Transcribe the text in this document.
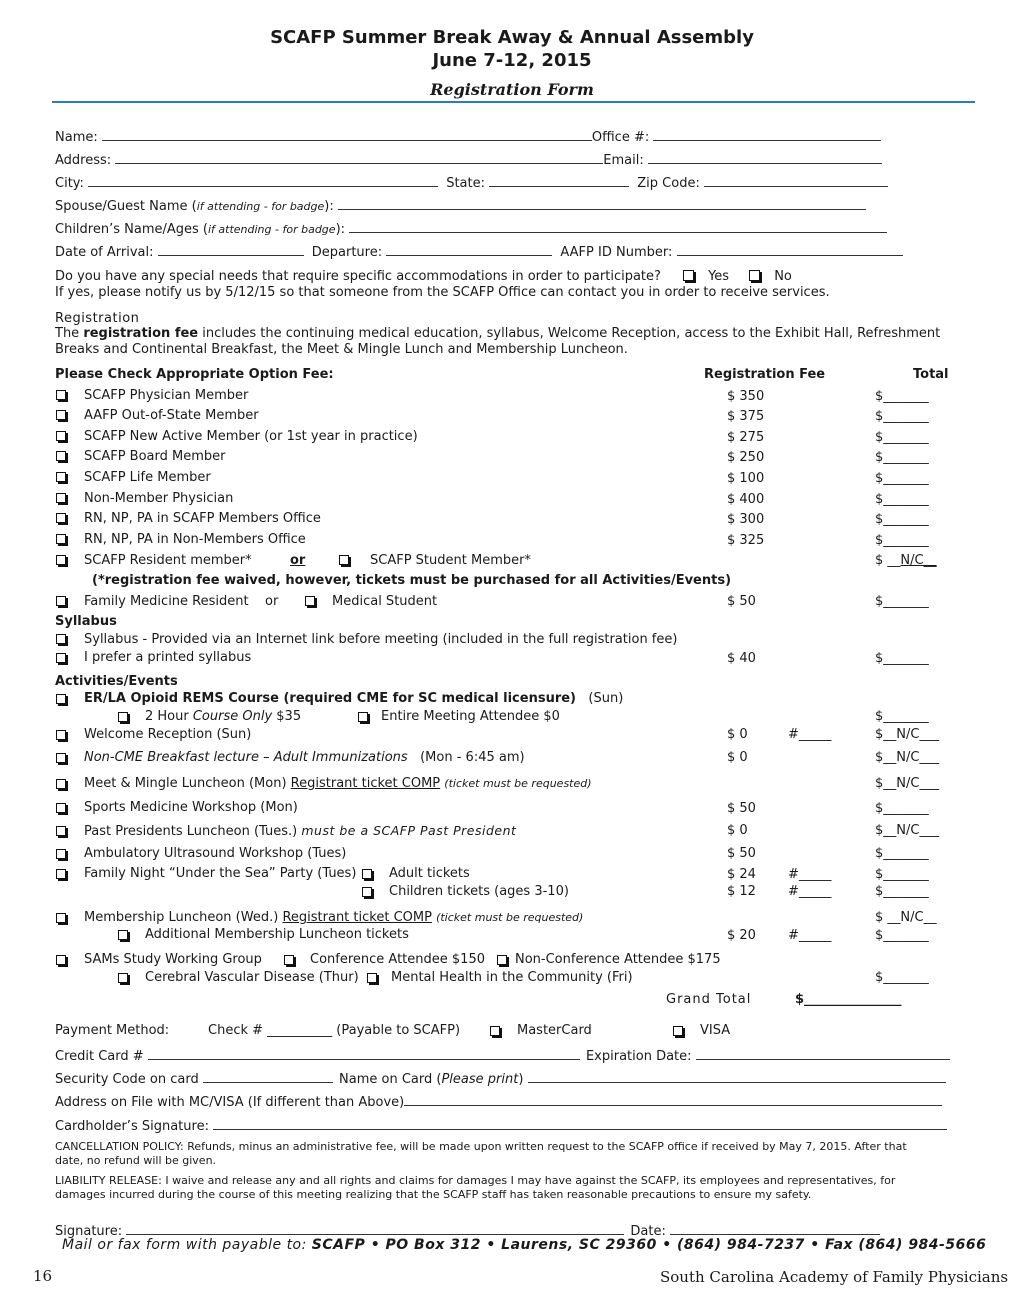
SCAFP Summer Break Away & Annual Assembly
June 7-12, 2015
Registration Form
Name:	Office #:
Address:	Email:
City:	State:	Zip Code:
Spouse/Guest Name (if attending - for badge):
Children’s Name/Ages (if attending - for badge):
Date of Arrival:	Departure:	AAFP ID Number:
Do you have any special needs that require specific accommodations in order to participate?	Yes	No
If yes, please notify us by 5/12/15 so that someone from the SCAFP Office can contact you in order to receive services.
Registration
The registration fee includes the continuing medical education, syllabus, Welcome Reception, access to the Exhibit Hall, Refreshment
Breaks and Continental Breakfast, the Meet & Mingle Lunch and Membership Luncheon.
Please Check Appropriate Option Fee:	Registration Fee	Total
SCAFP Physician Member	$ 350	$_______
AAFP Out-of-State Member	$ 375	$_______
SCAFP New Active Member (or 1st year in practice)	$ 275	$_______
SCAFP Board Member	$ 250	$_______
SCAFP Life Member	$ 100	$_______
Non-Member Physician	$ 400	$_______
RN, NP, PA in SCAFP Members Office	$ 300	$_______
RN, NP, PA in Non-Members Office	$ 325	$_______
SCAFP Resident member*	or	SCAFP Student Member*	$ __N/C__
(*registration fee waived, however, tickets must be purchased for all Activities/Events)
Family Medicine Resident or	Medical Student	$ 50	$_______
Syllabus
Syllabus - Provided via an Internet link before meeting (included in the full registration fee)
I prefer a printed syllabus	$ 40	$_______
Activities/Events
ER/LA Opioid REMS Course (required CME for SC medical licensure) (Sun)
2 Hour Course Only $35	Entire Meeting Attendee $0	$_______
Welcome Reception (Sun)	$ 0	#_____	$__N/C___
Non-CME Breakfast lecture – Adult Immunizations (Mon - 6:45 am)	$ 0	$__N/C___
Meet & Mingle Luncheon (Mon) Registrant ticket COMP (ticket must be requested)	$__N/C___
Sports Medicine Workshop (Mon)	$ 50	$_______
Past Presidents Luncheon (Tues.) must be a SCAFP Past President	$ 0	$__N/C___
Ambulatory Ultrasound Workshop (Tues)	$ 50	$_______
Family Night “Under the Sea” Party (Tues)	Adult tickets	$ 24 #_____	$_______
Children tickets (ages 3-10)	$ 12 #_____	$_______
Membership Luncheon (Wed.) Registrant ticket COMP (ticket must be requested)	$ __N/C__
Additional Membership Luncheon tickets	$ 20 #_____	$_______
SAMs Study Working Group	Conference Attendee $150 Non-Conference Attendee $175
Cerebral Vascular Disease (Thur) Mental Health in the Community (Fri)	$_______
Grand Total	$_______________
Payment Method:	Check # __________ (Payable to SCAFP)	MasterCard	VISA
Credit Card #	Expiration Date:
Security Code on card	Name on Card (Please print)
Address on File with MC/VISA (If different than Above)
Cardholder’s Signature:
CANCELLATION POLICY: Refunds, minus an administrative fee, will be made upon written request to the SCAFP office if received by May 7, 2015. After that
date, no refund will be given.
LIABILITY RELEASE: I waive and release any and all rights and claims for damages I may have against the SCAFP, its employees and representatives, for
damages incurred during the course of this meeting realizing that the SCAFP staff has taken reasonable precautions to ensure my safety.
Signature:	Date:
Mail or fax form with payable to: SCAFP • PO Box 312 • Laurens, SC 29360 • (864) 984-7237 • Fax (864) 984-5666
16	South Carolina Academy of Family Physicians
